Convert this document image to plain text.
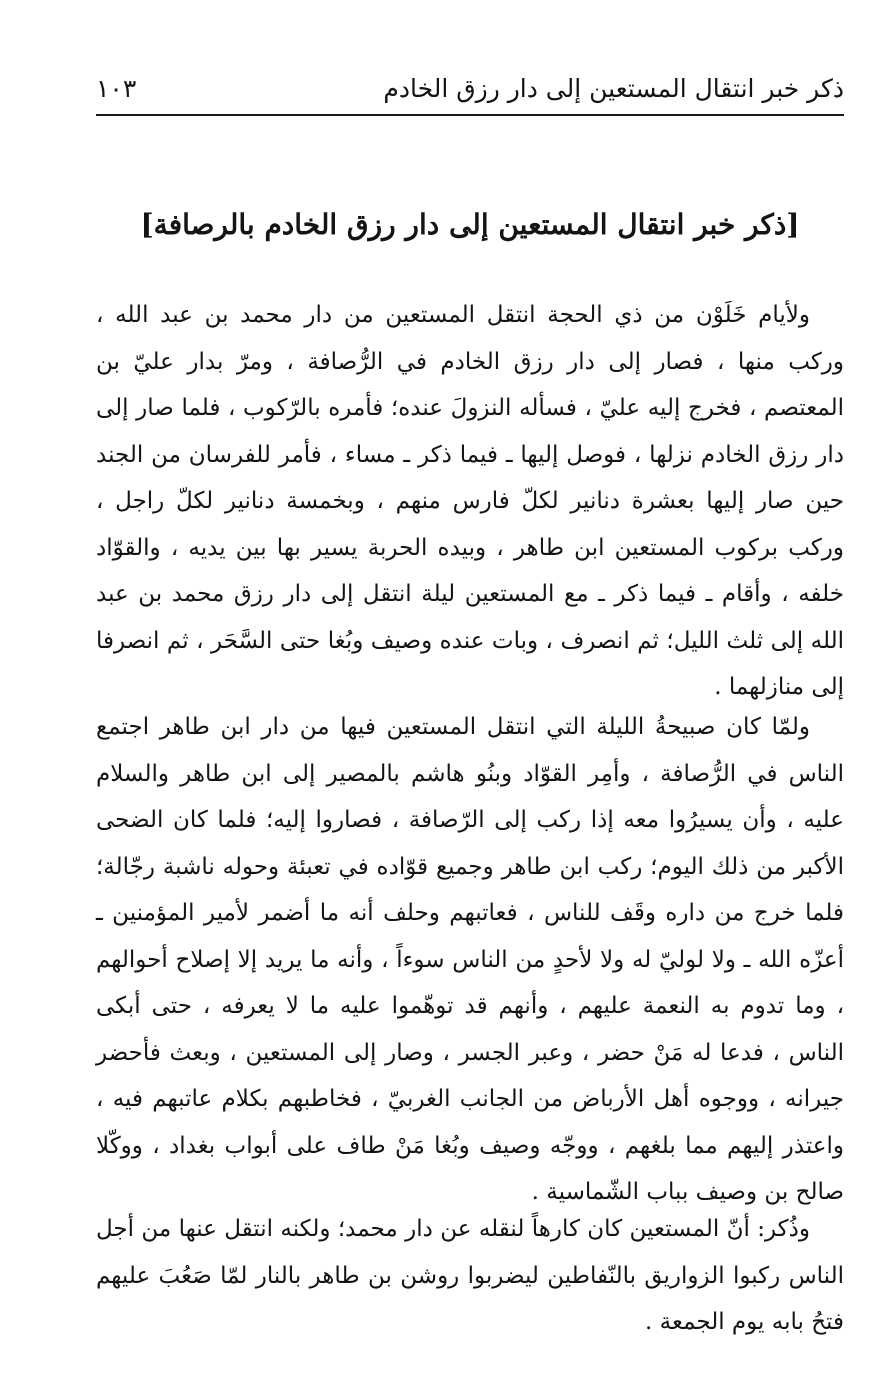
ذكر خبر انتقال المستعين إلى دار رزق الخادم
١٠٣
[ذكر خبر انتقال المستعين إلى دار رزق الخادم بالرصافة]

ولأيام خَلَوْن من ذي الحجة انتقل المستعين من دار محمد بن عبد الله ، وركب منها ، فصار إلى دار رزق الخادم في الرُّصافة ، ومرّ بدار عليّ بن المعتصم ، فخرج إليه عليّ ، فسأله النزولَ عنده؛ فأمره بالرّكوب ، فلما صار إلى دار رزق الخادم نزلها ، فوصل إليها ـ فيما ذكر ـ مساء ، فأمر للفرسان من الجند حين صار إليها بعشرة دنانير لكلّ فارس منهم ، وبخمسة دنانير لكلّ راجل ، وركب بركوب المستعين ابن طاهر ، وبيده الحربة يسير بها بين يديه ، والقوّاد خلفه ، وأقام ـ فيما ذكر ـ مع المستعين ليلة انتقل إلى دار رزق محمد بن عبد الله إلى ثلث الليل؛ ثم انصرف ، وبات عنده وصيف وبُغا حتى السَّحَر ، ثم انصرفا إلى منازلهما .

ولمّا كان صبيحةُ الليلة التي انتقل المستعين فيها من دار ابن طاهر اجتمع الناس في الرُّصافة ، وأمِر القوّاد وبنُو هاشم بالمصير إلى ابن طاهر والسلام عليه ، وأن يسيرُوا معه إذا ركب إلى الرّصافة ، فصاروا إليه؛ فلما كان الضحى الأكبر من ذلك اليوم؛ ركب ابن طاهر وجميع قوّاده في تعبئة وحوله ناشبة رجّالة؛ فلما خرج من داره وقَف للناس ، فعاتبهم وحلف أنه ما أضمر لأمير المؤمنين ـ أعزّه الله ـ ولا لوليّ له ولا لأحدٍ من الناس سوءاً ، وأنه ما يريد إلا إصلاح أحوالهم ، وما تدوم به النعمة عليهم ، وأنهم قد توهّموا عليه ما لا يعرفه ، حتى أبكى الناس ، فدعا له مَنْ حضر ، وعبر الجسر ، وصار إلى المستعين ، وبعث فأحضر جيرانه ، ووجوه أهل الأرباض من الجانب الغربيّ ، فخاطبهم بكلام عاتبهم فيه ، واعتذر إليهم مما بلغهم ، ووجّه وصيف وبُغا مَنْ طاف على أبواب بغداد ، ووكّلا صالح بن وصيف بباب الشّماسية .

وذُكر: أنّ المستعين كان كارهاً لنقله عن دار محمد؛ ولكنه انتقل عنها من أجل الناس ركبوا الزواريق بالنّفاطين ليضربوا روشن بن طاهر بالنار لمّا صَعُبَ عليهم فتحُ بابه يوم الجمعة .
